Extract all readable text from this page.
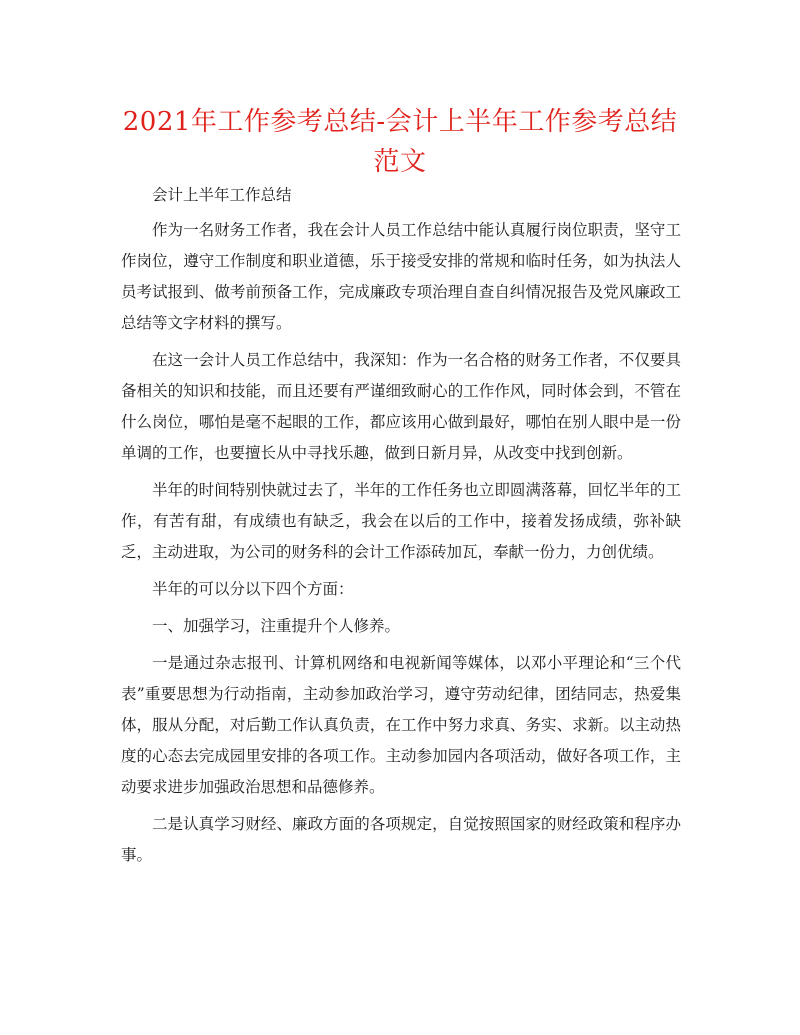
2021年工作参考总结-会计上半年工作参考总结范文

会计上半年工作总结

作为一名财务工作者，我在会计人员工作总结中能认真履行岗位职责，坚守工作岗位，遵守工作制度和职业道德，乐于接受安排的常规和临时任务，如为执法人员考试报到、做考前预备工作，完成廉政专项治理自查自纠情况报告及党风廉政工总结等文字材料的撰写。

在这一会计人员工作总结中，我深知：作为一名合格的财务工作者，不仅要具备相关的知识和技能，而且还要有严谨细致耐心的工作作风，同时体会到，不管在什么岗位，哪怕是毫不起眼的工作，都应该用心做到最好，哪怕在别人眼中是一份单调的工作，也要擅长从中寻找乐趣，做到日新月异，从改变中找到创新。

半年的时间特别快就过去了，半年的工作任务也立即圆满落幕，回忆半年的工作，有苦有甜，有成绩也有缺乏，我会在以后的工作中，接着发扬成绩，弥补缺乏，主动进取，为公司的财务科的会计工作添砖加瓦，奉献一份力，力创优绩。

半年的可以分以下四个方面：

一、加强学习，注重提升个人修养。

一是通过杂志报刊、计算机网络和电视新闻等媒体，以邓小平理论和“三个代表”重要思想为行动指南，主动参加政治学习，遵守劳动纪律，团结同志，热爱集体，服从分配，对后勤工作认真负责，在工作中努力求真、务实、求新。以主动热度的心态去完成园里安排的各项工作。主动参加园内各项活动，做好各项工作，主动要求进步加强政治思想和品德修养。

二是认真学习财经、廉政方面的各项规定，自觉按照国家的财经政策和程序办事。
